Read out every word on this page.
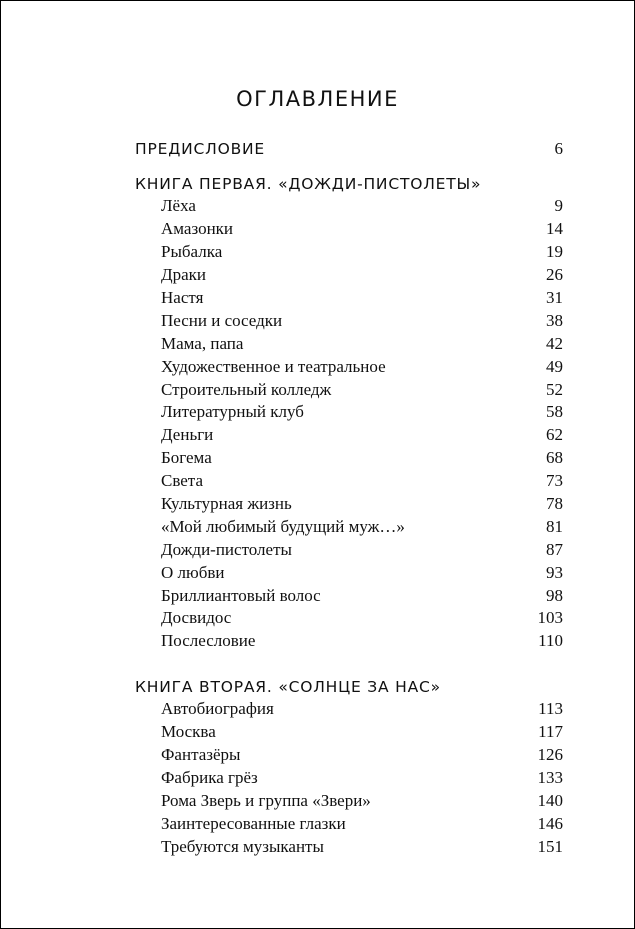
ОГЛАВЛЕНИЕ
ПРЕДИСЛОВИЕ	6
КНИГА ПЕРВАЯ. «ДОЖДИ-ПИСТОЛЕТЫ»
Лёха	9
Амазонки	14
Рыбалка	19
Драки	26
Настя	31
Песни и соседки	38
Мама, папа	42
Художественное и театральное	49
Строительный колледж	52
Литературный клуб	58
Деньги	62
Богема	68
Света	73
Культурная жизнь	78
«Мой любимый будущий муж…»	81
Дожди-пистолеты	87
О любви	93
Бриллиантовый волос	98
Досвидос	103
Послесловие	110
КНИГА ВТОРАЯ. «СОЛНЦЕ ЗА НАС»
Автобиография	113
Москва	117
Фантазёры	126
Фабрика грёз	133
Рома Зверь и группа «Звери»	140
Заинтересованные глазки	146
Требуются музыканты	151
